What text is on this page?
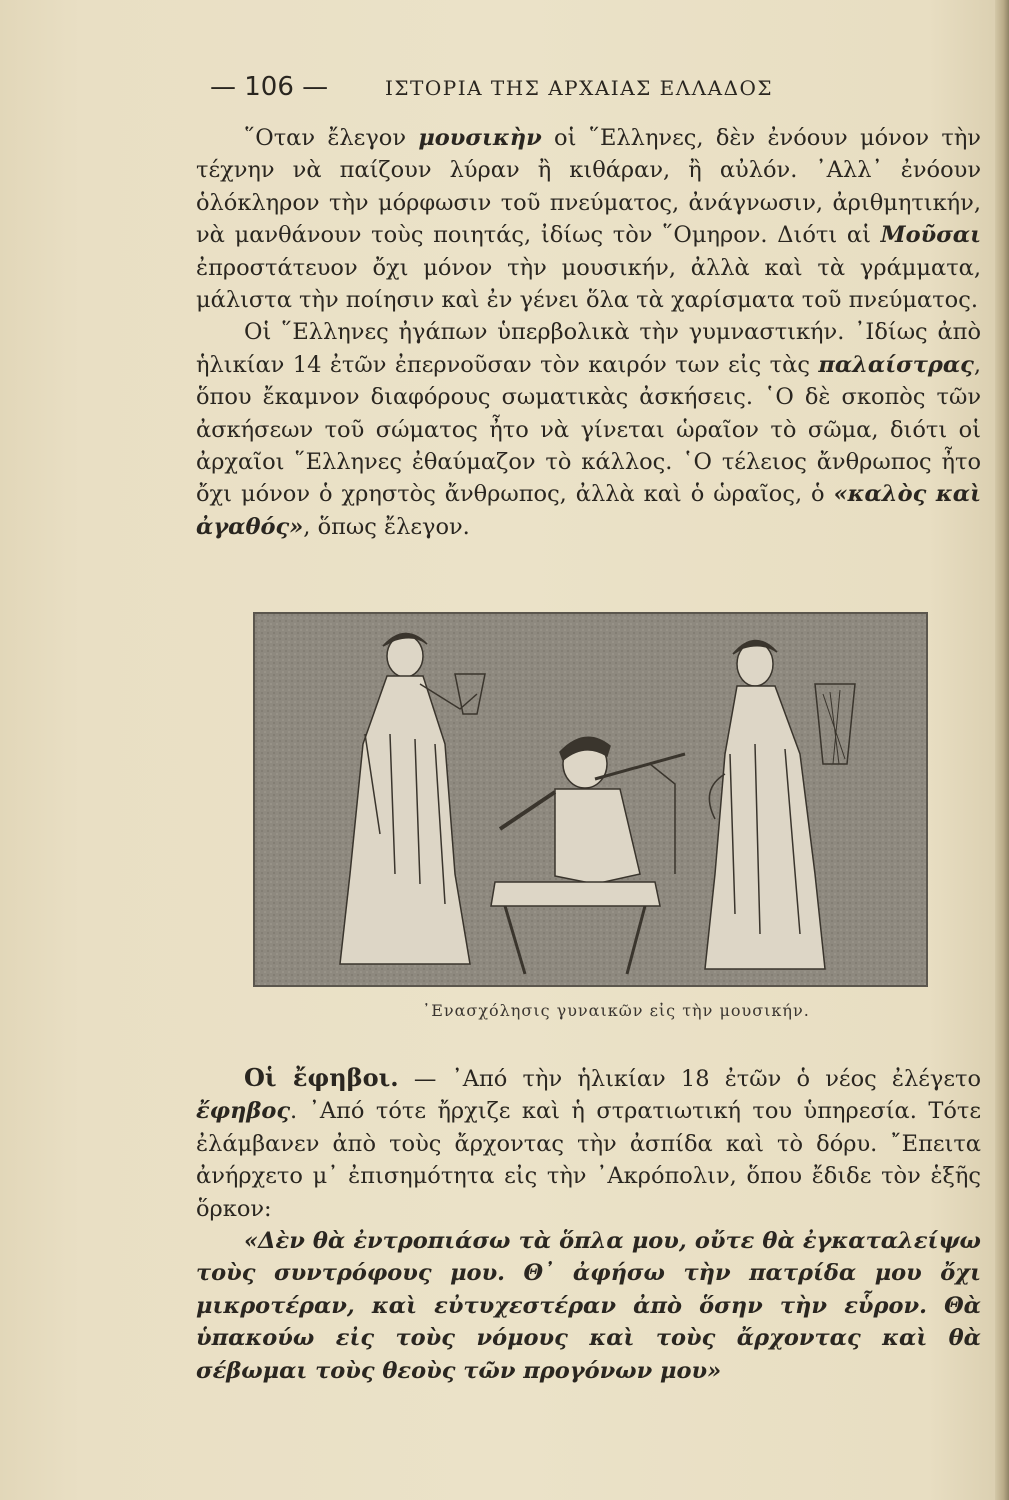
— 106 —	ΙΣΤΟΡΙΑ ΤΗΣ ΑΡΧΑΙΑΣ ΕΛΛΑΔΟΣ

῞Οταν ἔλεγον μουσικὴν οἱ ῞Ελληνες, δὲν ἐνόουν μόνον τὴν τέχνην νὰ παίζουν λύραν ἢ κιθάραν, ἢ αὐλόν. ᾽Αλλ᾽ ἐνόουν ὁλόκληρον τὴν μόρφωσιν τοῦ πνεύματος, ἀνάγνωσιν, ἀριθμητικήν, νὰ μανθάνουν τοὺς ποιητάς, ἰδίως τὸν ῞Ομηρον. Διότι αἱ Μοῦσαι ἐπροστάτευον ὄχι μόνον τὴν μουσικήν, ἀλλὰ καὶ τὰ γράμματα, μάλιστα τὴν ποίησιν καὶ ἐν γένει ὅλα τὰ χαρίσματα τοῦ πνεύματος.

Οἱ ῞Ελληνες ἠγάπων ὑπερβολικὰ τὴν γυμναστικήν. ᾽Ιδίως ἀπὸ ἡλικίαν 14 ἐτῶν ἐπερνοῦσαν τὸν καιρόν των εἰς τὰς παλαίστρας, ὅπου ἔκαμνον διαφόρους σωματικὰς ἀσκήσεις. ῾Ο δὲ σκοπὸς τῶν ἀσκήσεων τοῦ σώματος ἦτο νὰ γίνεται ὡραῖον τὸ σῶμα, διότι οἱ ἀρχαῖοι ῞Ελληνες ἐθαύμαζον τὸ κάλλος. ῾Ο τέλειος ἄνθρωπος ἦτο ὄχι μόνον ὁ χρηστὸς ἄνθρωπος, ἀλλὰ καὶ ὁ ὡραῖος, ὁ «καλὸς καὶ ἀγαθός», ὅπως ἔλεγον.

᾽Ενασχόλησις γυναικῶν εἰς τὴν μουσικήν.

Οἱ ἔφηβοι. — ᾽Από τὴν ἡλικίαν 18 ἐτῶν ὁ νέος ἐλέγετο ἔφηβος. ᾽Από τότε ἤρχιζε καὶ ἡ στρατιωτική του ὑπηρεσία. Τότε ἐλάμβανεν ἀπὸ τοὺς ἄρχοντας τὴν ἀσπίδα καὶ τὸ δόρυ. ῎Επειτα ἀνήρχετο μ᾽ ἐπισημότητα εἰς τὴν ᾽Ακρόπολιν, ὅπου ἔδιδε τὸν ἑξῆς ὅρκον:

«Δὲν θὰ ἐντροπιάσω τὰ ὅπλα μου, οὔτε θὰ ἐγκαταλείψω τοὺς συντρόφους μου. Θ᾽ ἀφήσω τὴν πατρίδα μου ὄχι μικροτέραν, καὶ εὐτυχεστέραν ἀπὸ ὅσην τὴν εὗρον. Θὰ ὑπακούω εἰς τοὺς νόμους καὶ τοὺς ἄρχοντας καὶ θὰ σέβωμαι τοὺς θεοὺς τῶν προγόνων μου»
